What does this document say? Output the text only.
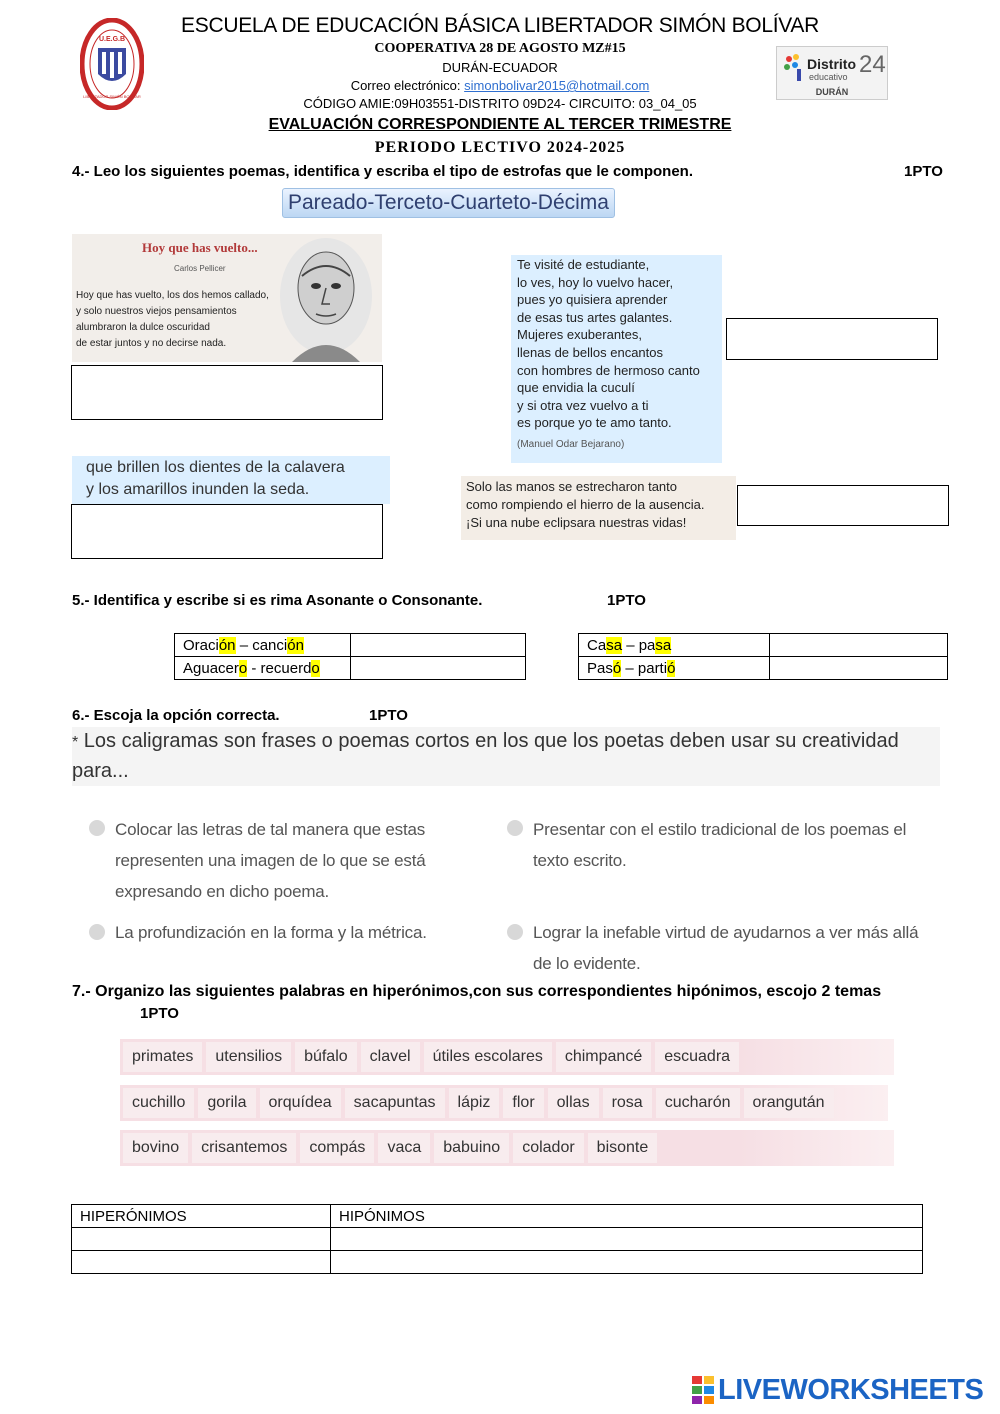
U.E.G.B
LIBERTADOR SIMÓN BOLÍVAR
ESCUELA DE EDUCACIÓN BÁSICA LIBERTADOR SIMÓN BOLÍVAR
COOPERATIVA 28 DE AGOSTO MZ#15
DURÁN-ECUADOR
Correo electrónico: simonbolivar2015@hotmail.com
CÓDIGO AMIE:09H03551-DISTRITO 09D24- CIRCUITO: 03_04_05
EVALUACIÓN CORRESPONDIENTE AL TERCER TRIMESTRE
PERIODO LECTIVO 2024-2025
Distrito
educativo 24
DURÁN
4.- Leo los siguientes poemas, identifica y escriba el tipo de estrofas que le componen.	1PTO
Pareado-Terceto-Cuarteto-Décima
Hoy que has vuelto...
Carlos Pellicer
Hoy que has vuelto, los dos hemos callado,
y solo nuestros viejos pensamientos
alumbraron la dulce oscuridad
de estar juntos y no decirse nada.
Te visité de estudiante,
lo ves, hoy lo vuelvo hacer,
pues yo quisiera aprender
de esas tus artes galantes.
Mujeres exuberantes,
llenas de bellos encantos
con hombres de hermoso canto
que envidia la cuculí
y si otra vez vuelvo a ti
es porque yo te amo tanto.
(Manuel Odar Bejarano)
que brillen los dientes de la calavera
y los amarillos inunden la seda.	Solo las manos se estrecharon tanto
como rompiendo el hierro de la ausencia.
¡Si una nube eclipsara nuestras vidas!
5.- Identifica y escribe si es rima Asonante o Consonante.	1PTO
Oración – canción	
Aguacero - recuerdo	
Casa – pasa	
Pasó – partió	
6.- Escoja la opción correcta.	1PTO
* Los caligramas son frases o poemas cortos en los que los poetas deben usar su creatividad para...
Colocar las letras de tal manera que estas representen una imagen de lo que se está expresando en dicho poema.
Presentar con el estilo tradicional de los poemas el texto escrito.
La profundización en la forma y la métrica.	Lograr la inefable virtud de ayudarnos a ver más allá de lo evidente.
7.- Organizo las siguientes palabras en hiperónimos,con sus correspondientes hipónimos, escojo 2 temas1PTO
primates	utensilios	búfalo	clavel	útiles escolares	chimpancé	escuadra
cuchillo	gorila	orquídea	sacapuntas	lápiz	flor	ollas	rosa	cucharón	orangután
bovino	crisantemos	compás	vaca	babuino	colador	bisonte
HIPERÓNIMOS	HIPÓNIMOS

LIVEWORKSHEETS
